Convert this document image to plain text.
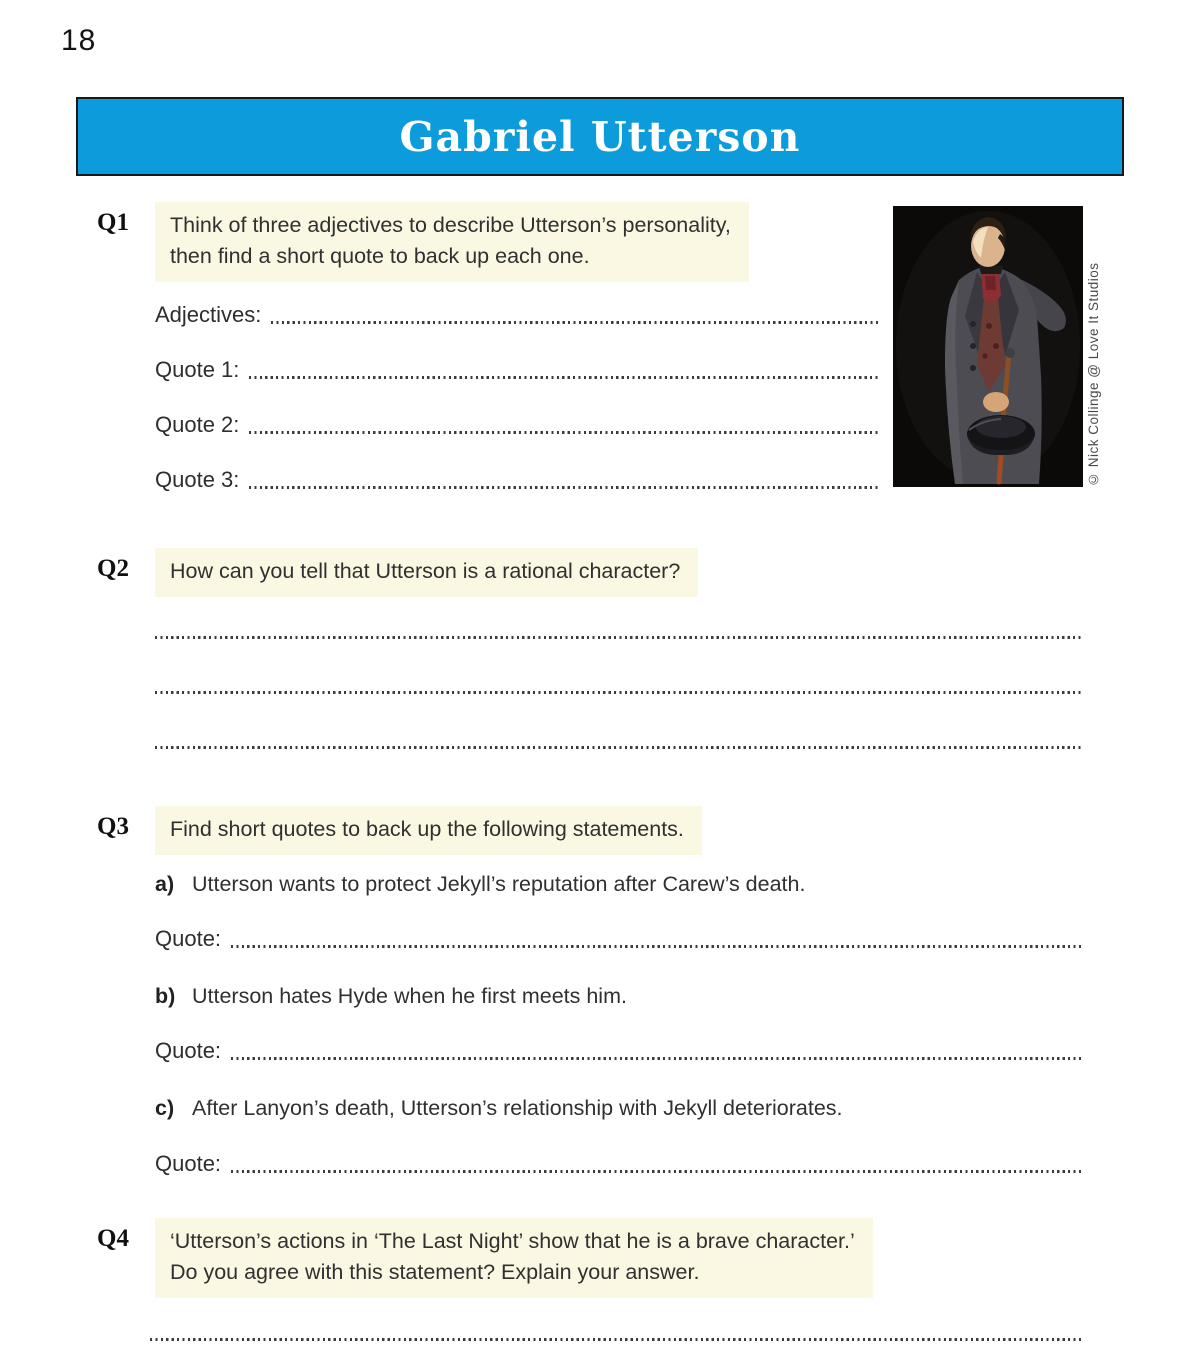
18
Gabriel Utterson
Q1	Think of three adjectives to describe Utterson’s personality,
then find a short quote to back up each one.
© Nick Collinge @ Love It Studios
Adjectives:
Quote 1:
Quote 2:
Quote 3:
Q2	How can you tell that Utterson is a rational character?
Q3	Find short quotes to back up the following statements.
a) Utterson wants to protect Jekyll’s reputation after Carew’s death.
Quote:
b) Utterson hates Hyde when he first meets him.
Quote:
c) After Lanyon’s death, Utterson’s relationship with Jekyll deteriorates.
Quote:
Q4	‘Utterson’s actions in ‘The Last Night’ show that he is a brave character.’
Do you agree with this statement? Explain your answer.
